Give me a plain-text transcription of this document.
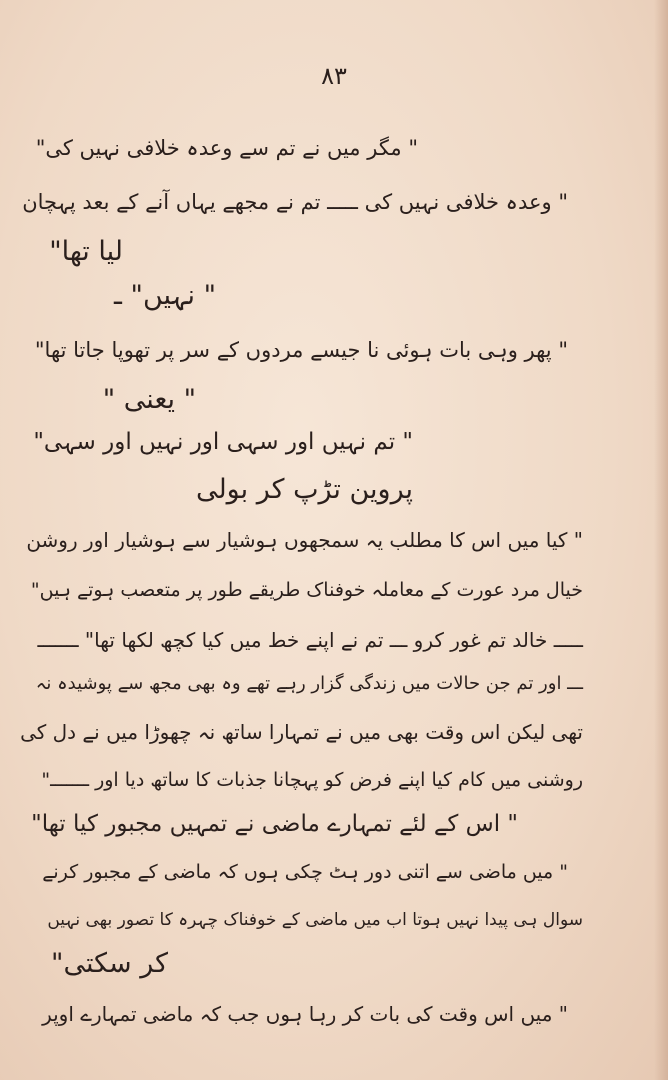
۸۳
" مگر میں نے تم سے وعدہ خلافی نہیں کی"
" وعدہ خلافی نہیں کی ـــــ تم نے مجھے یہاں آنے کے بعد پہچان
لیا تھا"
" نہیں" ـ
" پھر وہی بات ہوئی نا جیسے مردوں کے سر پر تھوپا جاتا تھا"
" یعنی "
" تم نہیں اور سہی اور نہیں اور سہی"
پروین تڑپ کر بولی
" کیا میں اس کا مطلب یہ سمجھوں ہوشیار سے ہوشیار اور روشن
خیال مرد عورت کے معاملہ خوفناک طریقے طور پر متعصب ہوتے ہیں"
ـــــ خالد تم غور کرو ـــ تم نے اپنے خط میں کیا کچھ لکھا تھا" ـــــــ
ـــ اور تم جن حالات میں زندگی گزار رہے تھے وہ بھی مجھ سے پوشیدہ نہ
تھی لیکن اس وقت بھی میں نے تمہارا ساتھ نہ چھوڑا میں نے دل کی
روشنی میں کام کیا اپنے فرض کو پہچانا جذبات کا ساتھ دیا اور ـــــــ"
" اس کے لئے تمہارے ماضی نے تمہیں مجبور کیا تھا"
" میں ماضی سے اتنی دور ہٹ چکی ہوں کہ ماضی کے مجبور کرنے
سوال ہی پیدا نہیں ہوتا اب میں ماضی کے خوفناک چہرہ کا تصور بھی نہیں
کر سکتی"
" میں اس وقت کی بات کر رہا ہوں جب کہ ماضی تمہارے اوپر
